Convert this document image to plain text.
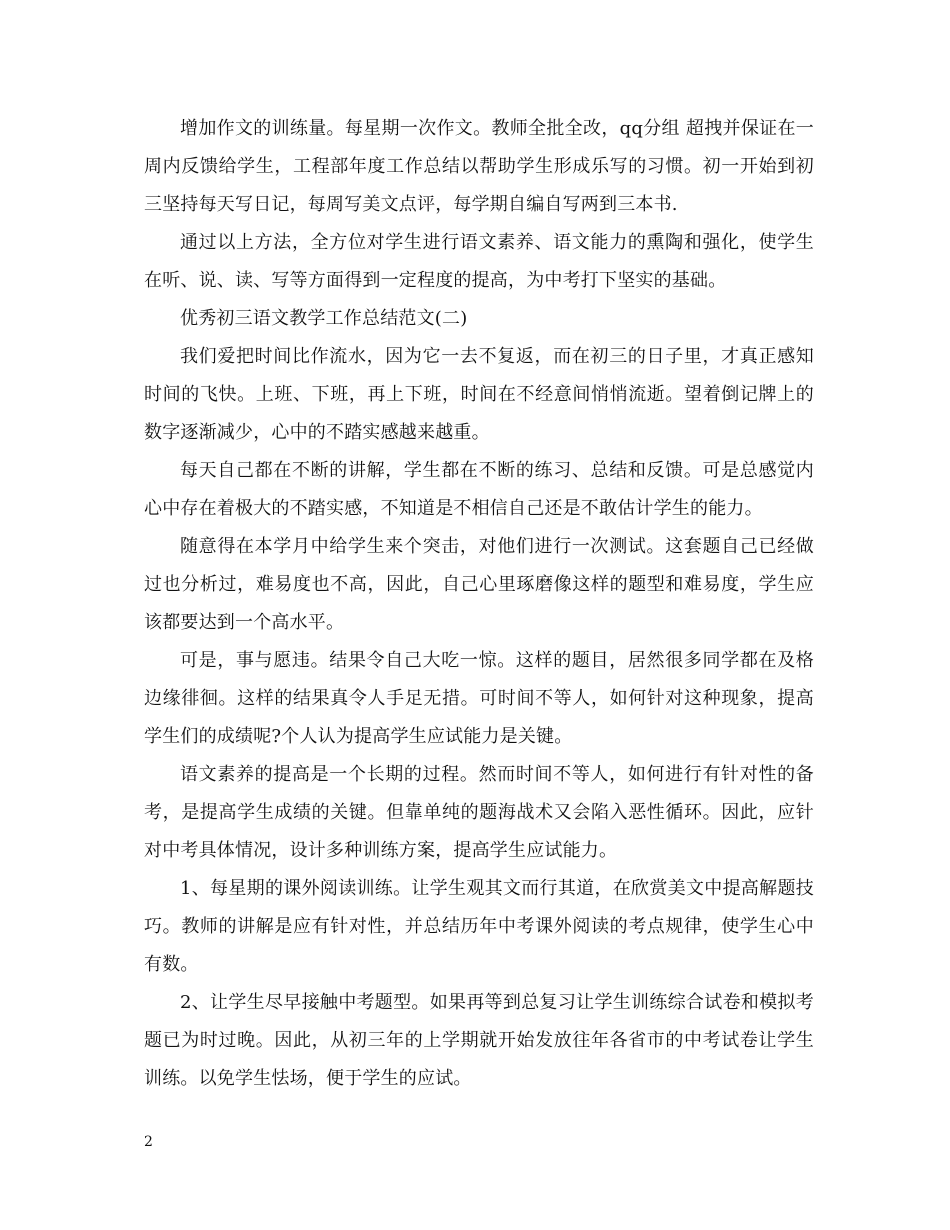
增加作文的训练量。每星期一次作文。教师全批全改，qq分组 超拽并保证在一周内反馈给学生，工程部年度工作总结以帮助学生形成乐写的习惯。初一开始到初三坚持每天写日记，每周写美文点评，每学期自编自写两到三本书.

通过以上方法，全方位对学生进行语文素养、语文能力的熏陶和强化，使学生在听、说、读、写等方面得到一定程度的提高，为中考打下坚实的基础。

优秀初三语文教学工作总结范文(二)

我们爱把时间比作流水，因为它一去不复返，而在初三的日子里，才真正感知时间的飞快。上班、下班，再上下班，时间在不经意间悄悄流逝。望着倒记牌上的数字逐渐减少，心中的不踏实感越来越重。

每天自己都在不断的讲解，学生都在不断的练习、总结和反馈。可是总感觉内心中存在着极大的不踏实感，不知道是不相信自己还是不敢估计学生的能力。

随意得在本学月中给学生来个突击，对他们进行一次测试。这套题自己已经做过也分析过，难易度也不高，因此，自己心里琢磨像这样的题型和难易度，学生应该都要达到一个高水平。

可是，事与愿违。结果令自己大吃一惊。这样的题目，居然很多同学都在及格边缘徘徊。这样的结果真令人手足无措。可时间不等人，如何针对这种现象，提高学生们的成绩呢?个人认为提高学生应试能力是关键。

语文素养的提高是一个长期的过程。然而时间不等人，如何进行有针对性的备考，是提高学生成绩的关键。但靠单纯的题海战术又会陷入恶性循环。因此，应针对中考具体情况，设计多种训练方案，提高学生应试能力。

1、每星期的课外阅读训练。让学生观其文而行其道，在欣赏美文中提高解题技巧。教师的讲解是应有针对性，并总结历年中考课外阅读的考点规律，使学生心中有数。

2、让学生尽早接触中考题型。如果再等到总复习让学生训练综合试卷和模拟考题已为时过晚。因此，从初三年的上学期就开始发放往年各省市的中考试卷让学生训练。以免学生怯场，便于学生的应试。

2
